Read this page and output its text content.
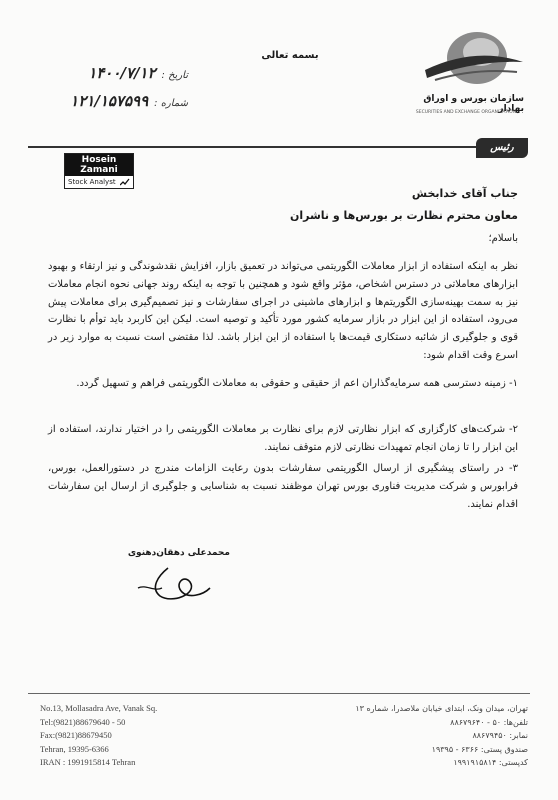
سازمان بورس و اوراق بهادار
SECURITIES AND EXCHANGE ORGANIZATION
بسمه تعالی
تاریخ :
۱۴۰۰/۷/۱۲
شماره :
۱۲۱/۱۵۷۵۹۹
رئیس
Hosein Zamani
Stock Analyst
جناب آقای خدابخش
معاون محترم نظارت بر بورس‌ها و ناشران
باسلام؛
نظر به اینکه استفاده از ابزار معاملات الگوریتمی می‌تواند در تعمیق بازار، افزایش نقدشوندگی و نیز ارتقاء و بهبود ابزارهای معاملاتی در دسترس اشخاص، مؤثر واقع شود و همچنین با توجه به اینکه روند جهانی نحوه انجام معاملات نیز به سمت بهینه‌سازی الگوریتم‌ها و ابزارهای ماشینی در اجرای سفارشات و نیز تصمیم‌گیری برای معاملات پیش می‌رود، استفاده از این ابزار در بازار سرمایه کشور مورد تأکید و توصیه است. لیکن این کاربرد باید توأم با نظارت قوی و جلوگیری از شائبه دستکاری قیمت‌ها یا استفاده از این ابزار باشد. لذا مقتضی است نسبت به موارد زیر در اسرع وقت اقدام شود:
۱- زمینه دسترسی همه سرمایه‌گذاران اعم از حقیقی و حقوقی به معاملات الگوریتمی فراهم و تسهیل گردد.
۲- شرکت‌های کارگزاری که ابزار نظارتی لازم برای نظارت بر معاملات الگوریتمی را در اختیار ندارند، استفاده از این ابزار را تا زمان انجام تمهیدات نظارتی لازم متوقف نمایند.
۳- در راستای پیشگیری از ارسال الگوریتمی سفارشات بدون رعایت الزامات مندرج در دستورالعمل، بورس، فرابورس و شرکت مدیریت فناوری بورس تهران موظفند نسبت به شناسایی و جلوگیری از ارسال این سفارشات اقدام نمایند.
محمدعلی دهقان‌دهنوی
No.13, Mollasadra Ave, Vanak Sq.
Tel:(9821)88679640 - 50
Fax:(9821)88679450
Tehran, 19395-6366
IRAN : 1991915814 Tehran
تهران، میدان ونک، ابتدای خیابان ملاصدرا، شماره ۱۳
تلفن‌ها: ۵۰ - ۸۸۶۷۹۶۴۰
نمابر: ۸۸۶۷۹۴۵۰
صندوق پستی: ۶۳۶۶ - ۱۹۳۹۵
کدپستی: ۱۹۹۱۹۱۵۸۱۴
